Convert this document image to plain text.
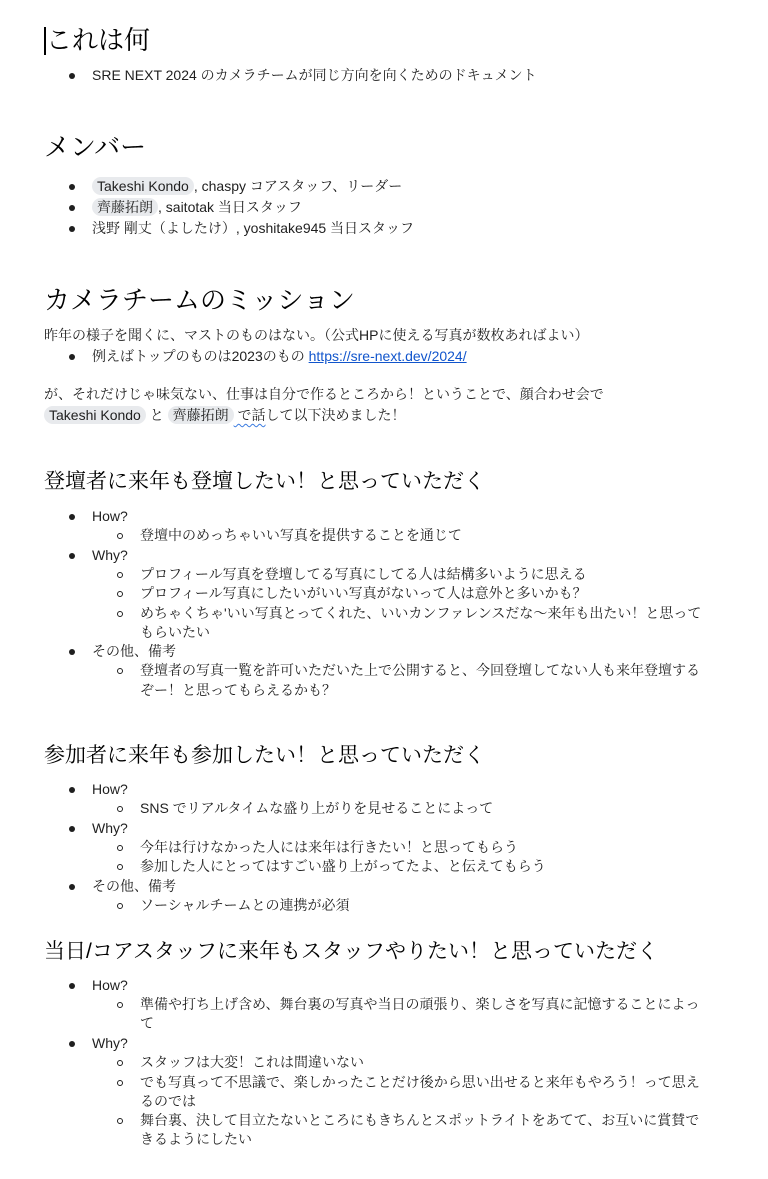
これは何
SRE NEXT 2024 のカメラチームが同じ方向を向くためのドキュメント
メンバー
Takeshi Kondo , chaspy コアスタッフ、リーダー
齊藤拓朗 , saitotak 当日スタッフ
浅野 剛丈（よしたけ）, yoshitake945 当日スタッフ
カメラチームのミッション
昨年の様子を聞くに、マストのものはない。（公式HPに使える写真が数枚あればよい）
例えばトップのものは2023のもの https://sre-next.dev/2024/
が、それだけじゃ味気ない、仕事は自分で作るところから！ということで、顔合わせ会で
Takeshi Kondo と 齊藤拓朗 で話して以下決めました！
登壇者に来年も登壇したい！と思っていただく
How?
登壇中のめっちゃいい写真を提供することを通じて
Why?
プロフィール写真を登壇してる写真にしてる人は結構多いように思える
プロフィール写真にしたいがいい写真がないって人は意外と多いかも？
めちゃくちゃ'いい写真とってくれた、いいカンファレンスだな〜来年も出たい！と思って
もらいたい
その他、備考
登壇者の写真一覧を許可いただいた上で公開すると、今回登壇してない人も来年登壇する
ぞー！と思ってもらえるかも？
参加者に来年も参加したい！と思っていただく
How?
SNS でリアルタイムな盛り上がりを見せることによって
Why?
今年は行けなかった人には来年は行きたい！と思ってもらう
参加した人にとってはすごい盛り上がってたよ、と伝えてもらう
その他、備考
ソーシャルチームとの連携が必須
当日/コアスタッフに来年もスタッフやりたい！と思っていただく
How?
準備や打ち上げ含め、舞台裏の写真や当日の頑張り、楽しさを写真に記憶することによっ
て
Why?
スタッフは大変！これは間違いない
でも写真って不思議で、楽しかったことだけ後から思い出せると来年もやろう！って思え
るのでは
舞台裏、決して目立たないところにもきちんとスポットライトをあてて、お互いに賞賛で
きるようにしたい
